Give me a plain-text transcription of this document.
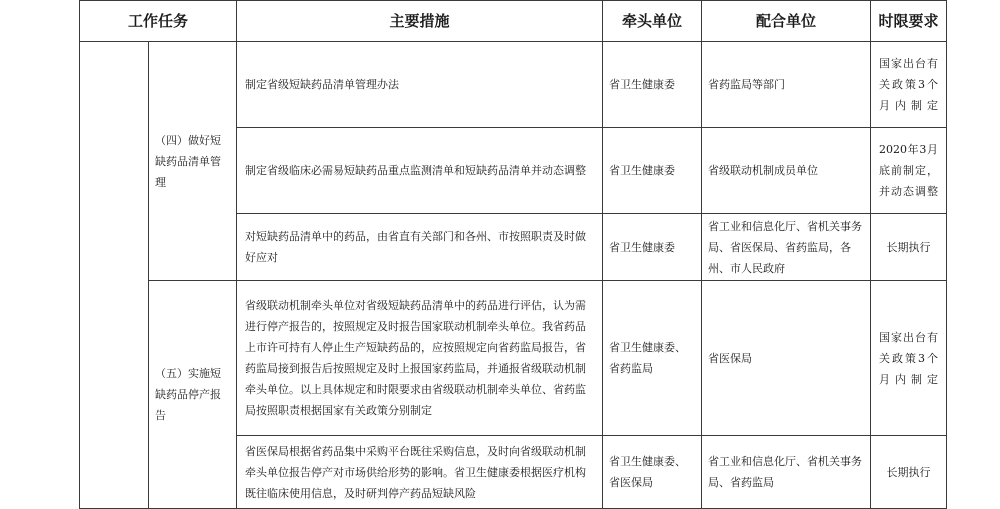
工作任务		主要措施	牵头单位	配合单位	时限要求
	（四）做好短缺药品清单管理	制定省级短缺药品清单管理办法	省卫生健康委	省药监局等部门	国家出台有关政策3个月内制定
		制定省级临床必需易短缺药品重点监测清单和短缺药品清单并动态调整	省卫生健康委	省级联动机制成员单位	2020年3月底前制定，并动态调整
		对短缺药品清单中的药品，由省直有关部门和各州、市按照职责及时做好应对	省卫生健康委	省工业和信息化厅、省机关事务局、省医保局、省药监局，各州、市人民政府	长期执行
	（五）实施短缺药品停产报告	省级联动机制牵头单位对省级短缺药品清单中的药品进行评估，认为需进行停产报告的，按照规定及时报告国家联动机制牵头单位。我省药品上市许可持有人停止生产短缺药品的，应按照规定向省药监局报告，省药监局接到报告后按照规定及时上报国家药监局，并通报省级联动机制牵头单位。以上具体规定和时限要求由省级联动机制牵头单位、省药监局按照职责根据国家有关政策分别制定	省卫生健康委、省药监局	省医保局	国家出台有关政策3个月内制定
		省医保局根据省药品集中采购平台既往采购信息，及时向省级联动机制牵头单位报告停产对市场供给形势的影响。省卫生健康委根据医疗机构既往临床使用信息，及时研判停产药品短缺风险	省卫生健康委、省医保局	省工业和信息化厅、省机关事务局、省药监局	长期执行
